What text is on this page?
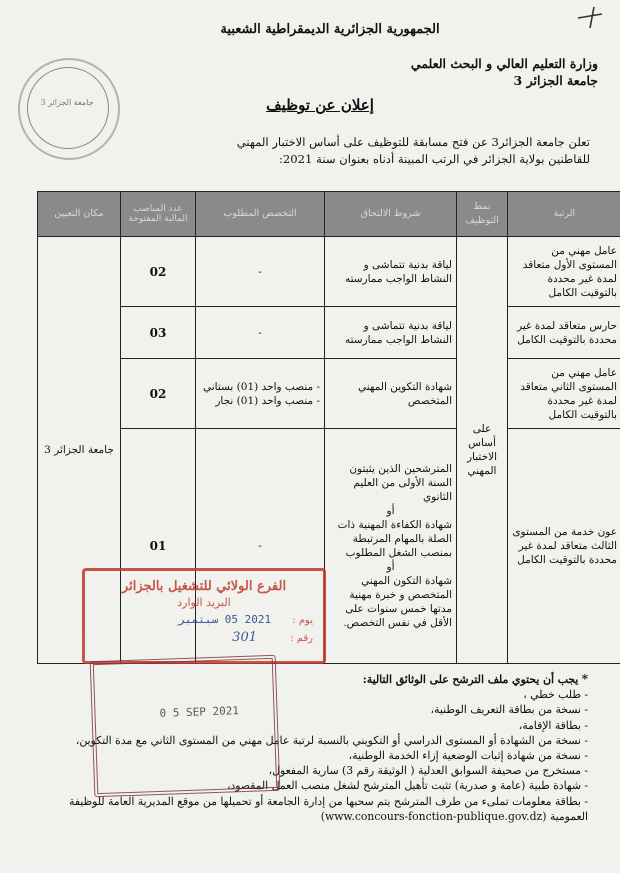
جامعة الجزائر 3
الجمهورية الجزائرية الديمقراطية الشعبية
وزارة التعليم العالي و البحث العلمي
جامعة الجزائر 3
إعلان عن توظيف
تعلن جامعة الجزائر3 عن فتح مسابقة للتوظيف على أساس الاختبار المهني
للقاطنين بولاية الجزائر في الرتب المبينة أدناه بعنوان سنة 2021:
الرتبة	نمط التوظيف	شروط الالتحاق	التخصص المطلوب	عدد المناصب المالية المفتوحة	مكان التعيين
عامل مهني من المستوى الأول متعاقد لمدة غير محددة بالتوقيت الكامل	على أساس الاختبار المهني	لياقة بدنية تتماشى و النشاط الواجب ممارسته	-	02	جامعة الجزائر 3
حارس متعاقد لمدة غير محددة بالتوقيت الكامل		لياقة بدنية تتماشى و النشاط الواجب ممارسته	-	03	
عامل مهني من المستوى الثاني متعاقد لمدة غير محددة بالتوقيت الكامل		شهادة التكوين المهني المتخصص	- منصب واحد (01) بستاني
- منصب واحد (01) نجار	02	
عون خدمة من المستوى الثالث متعاقد لمدة غير محددة بالتوقيت الكامل		المترشحين الذين يثبتون السنة الأولى من العليم الثانوي
أو
شهادة الكفاءة المهنية ذات الصلة بالمهام المرتبطة بمنصب الشغل المطلوب
أو
شهادة التكون المهني المتخصص و خبرة مهنية مدتها خمس سنوات على الأقل في نفس التخصص.	-	01	
* يجب أن يحتوي ملف الترشح على الوثائق التالية:
- طلب خطي ،
- نسخة من بطاقة التعريف الوطنية،
- بطاقة الإقامة،
- نسخة من الشهادة أو المستوى الدراسي أو التكويني بالنسبة لرتبة عامل مهني من المستوى الثاني مع مدة التكوين،
- نسخة من شهادة إثبات الوضعية إزاء الخدمة الوطنية،
- مستخرج من صحيفة السوابق العدلية ( الوثيقة رقم 3) سارية المفعول،
- شهادة طبية (عامة و صدرية) تثبت تأهيل المترشح لشغل منصب العمل المقصود،
- بطاقة معلومات تملىء من طرف المترشح يتم سحبها من إدارة الجامعة أو تحميلها من موقع المديرية العامة للوظيفة العمومية (www.concours-fonction-publique.gov.dz)
الفرع الولائي للتشغيل بالجزائر
البريد الوارد
يوم : 2021 05 سبتمبر
رقم : 301
0 5 SEP 2021
